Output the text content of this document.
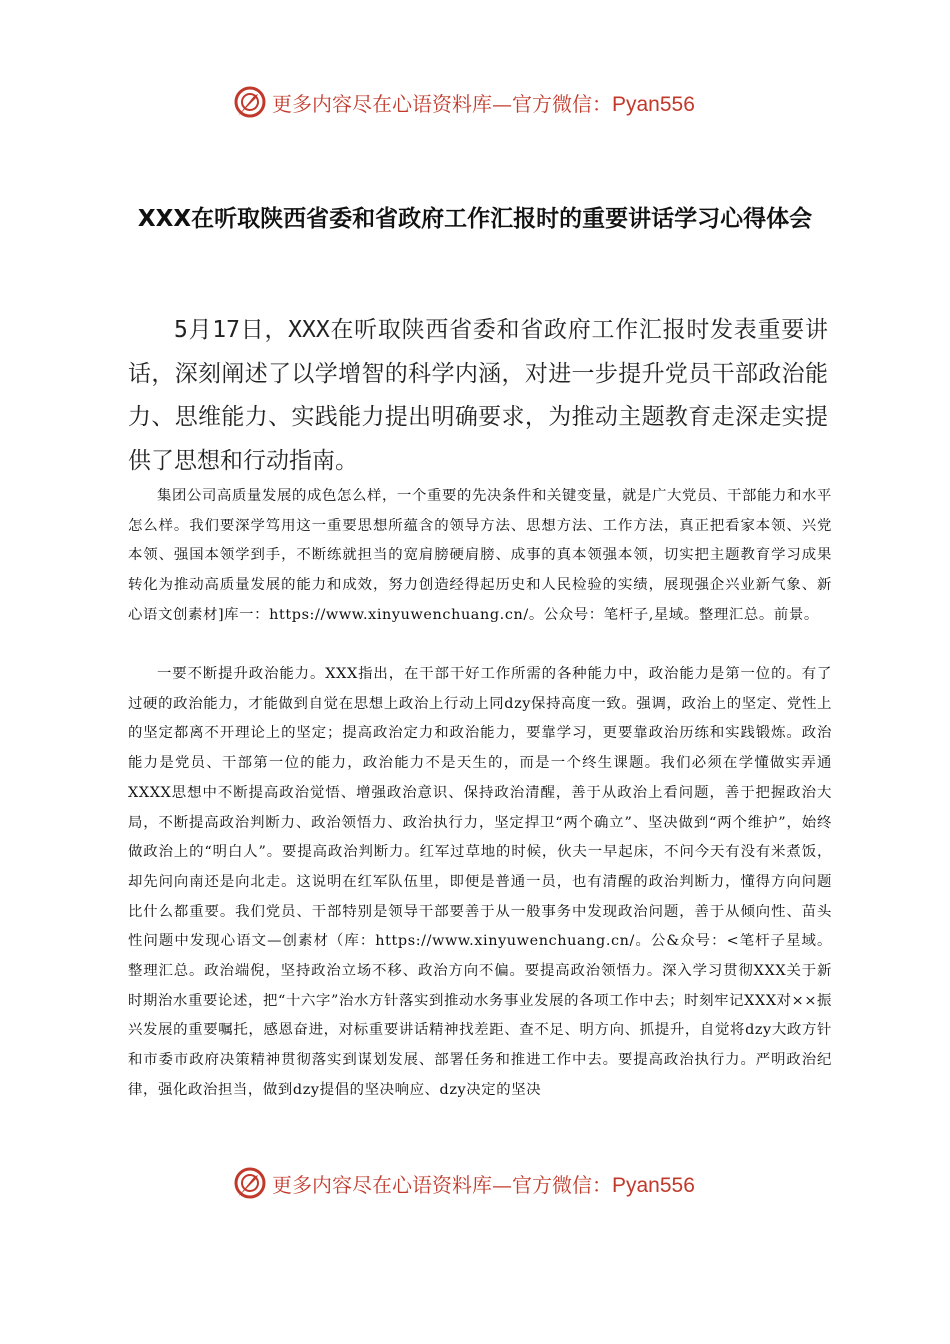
更多内容尽在心语资料库—官方微信：Pyan556
XXX在听取陕西省委和省政府工作汇报时的重要讲话学习心得体会

5月17日，XXX在听取陕西省委和省政府工作汇报时发表重要讲话，深刻阐述了以学增智的科学内涵，对进一步提升党员干部政治能力、思维能力、实践能力提出明确要求，为推动主题教育走深走实提供了思想和行动指南。

集团公司高质量发展的成色怎么样，一个重要的先决条件和关键变量，就是广大党员、干部能力和水平怎么样。我们要深学笃用这一重要思想所蕴含的领导方法、思想方法、工作方法，真正把看家本领、兴党本领、强国本领学到手，不断练就担当的宽肩膀硬肩膀、成事的真本领强本领，切实把主题教育学习成果转化为推动高质量发展的能力和成效，努力创造经得起历史和人民检验的实绩，展现强企兴业新气象、新心语文创素材]库一：https://www.xinyuwenchuang.cn/。公众号：笔杆子,星域。整理汇总。前景。

一要不断提升政治能力。XXX指出，在干部干好工作所需的各种能力中，政治能力是第一位的。有了过硬的政治能力，才能做到自觉在思想上政治上行动上同dzy保持高度一致。强调，政治上的坚定、党性上的坚定都离不开理论上的坚定；提高政治定力和政治能力，要靠学习，更要靠政治历练和实践锻炼。政治能力是党员、干部第一位的能力，政治能力不是天生的，而是一个终生课题。我们必须在学懂做实弄通XXXX思想中不断提高政治觉悟、增强政治意识、保持政治清醒，善于从政治上看问题，善于把握政治大局，不断提高政治判断力、政治领悟力、政治执行力，坚定捍卫“两个确立”、坚决做到“两个维护”，始终做政治上的“明白人”。要提高政治判断力。红军过草地的时候，伙夫一早起床，不问今天有没有米煮饭，却先问向南还是向北走。这说明在红军队伍里，即便是普通一员，也有清醒的政治判断力，懂得方向问题比什么都重要。我们党员、干部特别是领导干部要善于从一般事务中发现政治问题，善于从倾向性、苗头性问题中发现心语文—创素材（库：https://www.xinyuwenchuang.cn/。公&众号：<笔杆子星域。整理汇总。政治端倪，坚持政治立场不移、政治方向不偏。要提高政治领悟力。深入学习贯彻XXX关于新时期治水重要论述，把“十六字”治水方针落实到推动水务事业发展的各项工作中去；时刻牢记XXX对××振兴发展的重要嘱托，感恩奋进，对标重要讲话精神找差距、查不足、明方向、抓提升，自觉将dzy大政方针和市委市政府决策精神贯彻落实到谋划发展、部署任务和推进工作中去。要提高政治执行力。严明政治纪律，强化政治担当，做到dzy提倡的坚决响应、dzy决定的坚决

更多内容尽在心语资料库—官方微信：Pyan556
